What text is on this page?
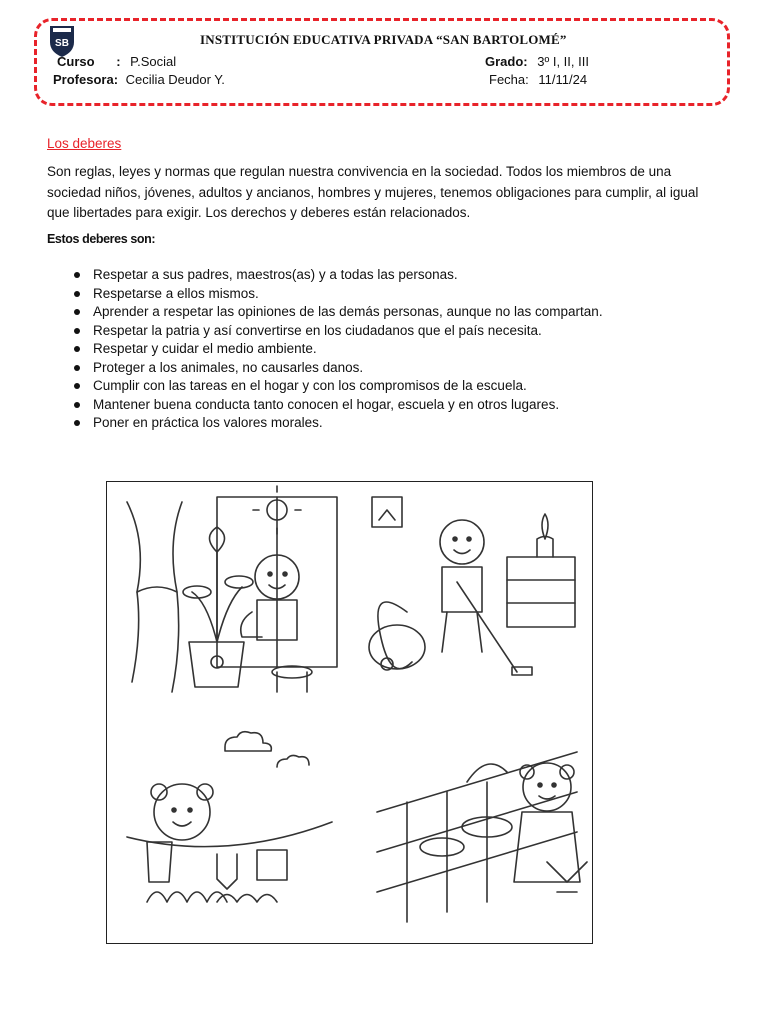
SB	INSTITUCIÓN EDUCATIVA PRIVADA “SAN BARTOLOMÉ”
Curso : P.Social
Profesora: Cecilia Deudor Y.
Grado: 3º I, II, III
Fecha: 11/11/24
Los deberes
Son reglas, leyes y normas que regulan nuestra convivencia en la sociedad. Todos los miembros de una sociedad niños, jóvenes, adultos y ancianos, hombres y mujeres, tenemos obligaciones para cumplir, al igual que libertades para exigir. Los derechos y deberes están relacionados.
Estos deberes son:
Respetar a sus padres, maestros(as) y a todas las personas.
Respetarse a ellos mismos.
Aprender a respetar las opiniones de las demás personas, aunque no las compartan.
Respetar la patria y así convertirse en los ciudadanos que el país necesita.
Respetar y cuidar el medio ambiente.
Proteger a los animales, no causarles danos.
Cumplir con las tareas en el hogar y con los compromisos de la escuela.
Mantener buena conducta tanto conocen el hogar, escuela y en otros lugares.
Poner en práctica los valores morales.
